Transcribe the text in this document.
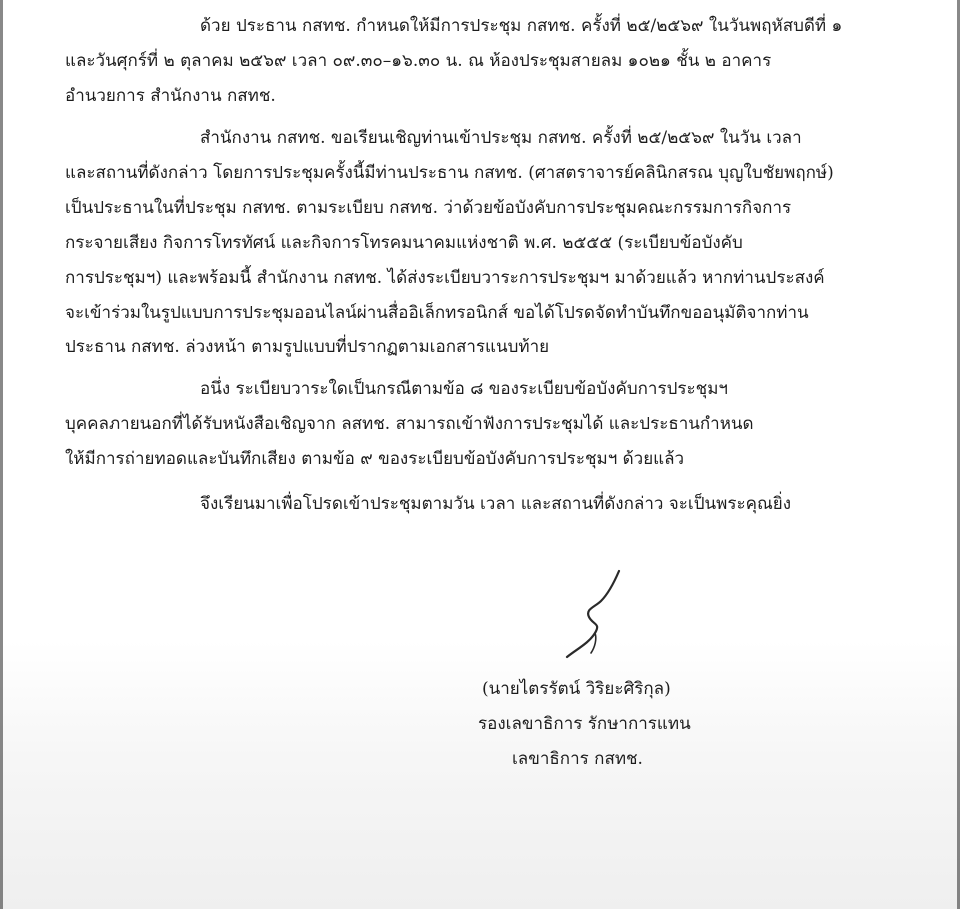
ด้วย ประธาน กสทช. กำหนดให้มีการประชุม กสทช. ครั้งที่ ๒๕/๒๕๖๙ ในวันพฤหัสบดีที่ ๑
และวันศุกร์ที่ ๒ ตุลาคม ๒๕๖๙ เวลา ๐๙.๓๐–๑๖.๓๐ น. ณ ห้องประชุมสายลม ๑๐๒๑ ชั้น ๒ อาคาร
อำนวยการ สำนักงาน กสทช.
สำนักงาน กสทช. ขอเรียนเชิญท่านเข้าประชุม กสทช. ครั้งที่ ๒๕/๒๕๖๙ ในวัน เวลา
และสถานที่ดังกล่าว โดยการประชุมครั้งนี้มีท่านประธาน กสทช. (ศาสตราจารย์คลินิกสรณ บุญใบชัยพฤกษ์)
เป็นประธานในที่ประชุม กสทช. ตามระเบียบ กสทช. ว่าด้วยข้อบังคับการประชุมคณะกรรมการกิจการ
กระจายเสียง กิจการโทรทัศน์ และกิจการโทรคมนาคมแห่งชาติ พ.ศ. ๒๕๕๕ (ระเบียบข้อบังคับ
การประชุมฯ) และพร้อมนี้ สำนักงาน กสทช. ได้ส่งระเบียบวาระการประชุมฯ มาด้วยแล้ว หากท่านประสงค์
จะเข้าร่วมในรูปแบบการประชุมออนไลน์ผ่านสื่ออิเล็กทรอนิกส์ ขอได้โปรดจัดทำบันทึกขออนุมัติจากท่าน
ประธาน กสทช. ล่วงหน้า ตามรูปแบบที่ปรากฏตามเอกสารแนบท้าย
อนึ่ง ระเบียบวาระใดเป็นกรณีตามข้อ ๘ ของระเบียบข้อบังคับการประชุมฯ
บุคคลภายนอกที่ได้รับหนังสือเชิญจาก ลสทช. สามารถเข้าฟังการประชุมได้ และประธานกำหนด
ให้มีการถ่ายทอดและบันทึกเสียง ตามข้อ ๙ ของระเบียบข้อบังคับการประชุมฯ ด้วยแล้ว
จึงเรียนมาเพื่อโปรดเข้าประชุมตามวัน เวลา และสถานที่ดังกล่าว จะเป็นพระคุณยิ่ง
(นายไตรรัตน์ วิริยะศิริกุล)
รองเลขาธิการ รักษาการแทน
เลขาธิการ กสทช.
